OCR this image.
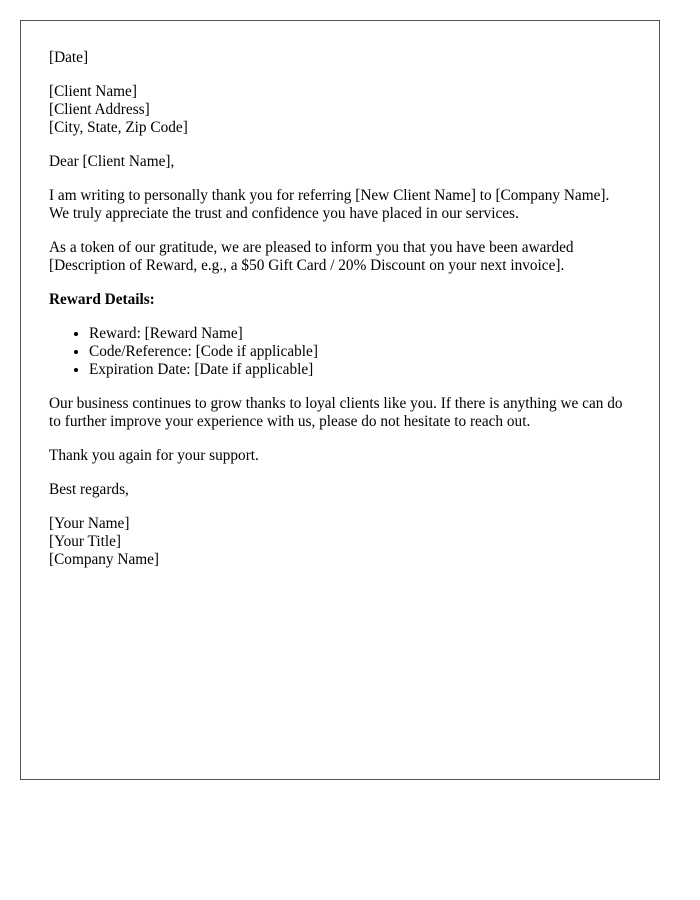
[Date]

[Client Name]
[Client Address]
[City, State, Zip Code]

Dear [Client Name],

I am writing to personally thank you for referring [New Client Name] to [Company Name]. We truly appreciate the trust and confidence you have placed in our services.

As a token of our gratitude, we are pleased to inform you that you have been awarded [Description of Reward, e.g., a $50 Gift Card / 20% Discount on your next invoice].

Reward Details:

• Reward: [Reward Name]
• Code/Reference: [Code if applicable]
• Expiration Date: [Date if applicable]

Our business continues to grow thanks to loyal clients like you. If there is anything we can do to further improve your experience with us, please do not hesitate to reach out.

Thank you again for your support.

Best regards,

[Your Name]
[Your Title]
[Company Name]
